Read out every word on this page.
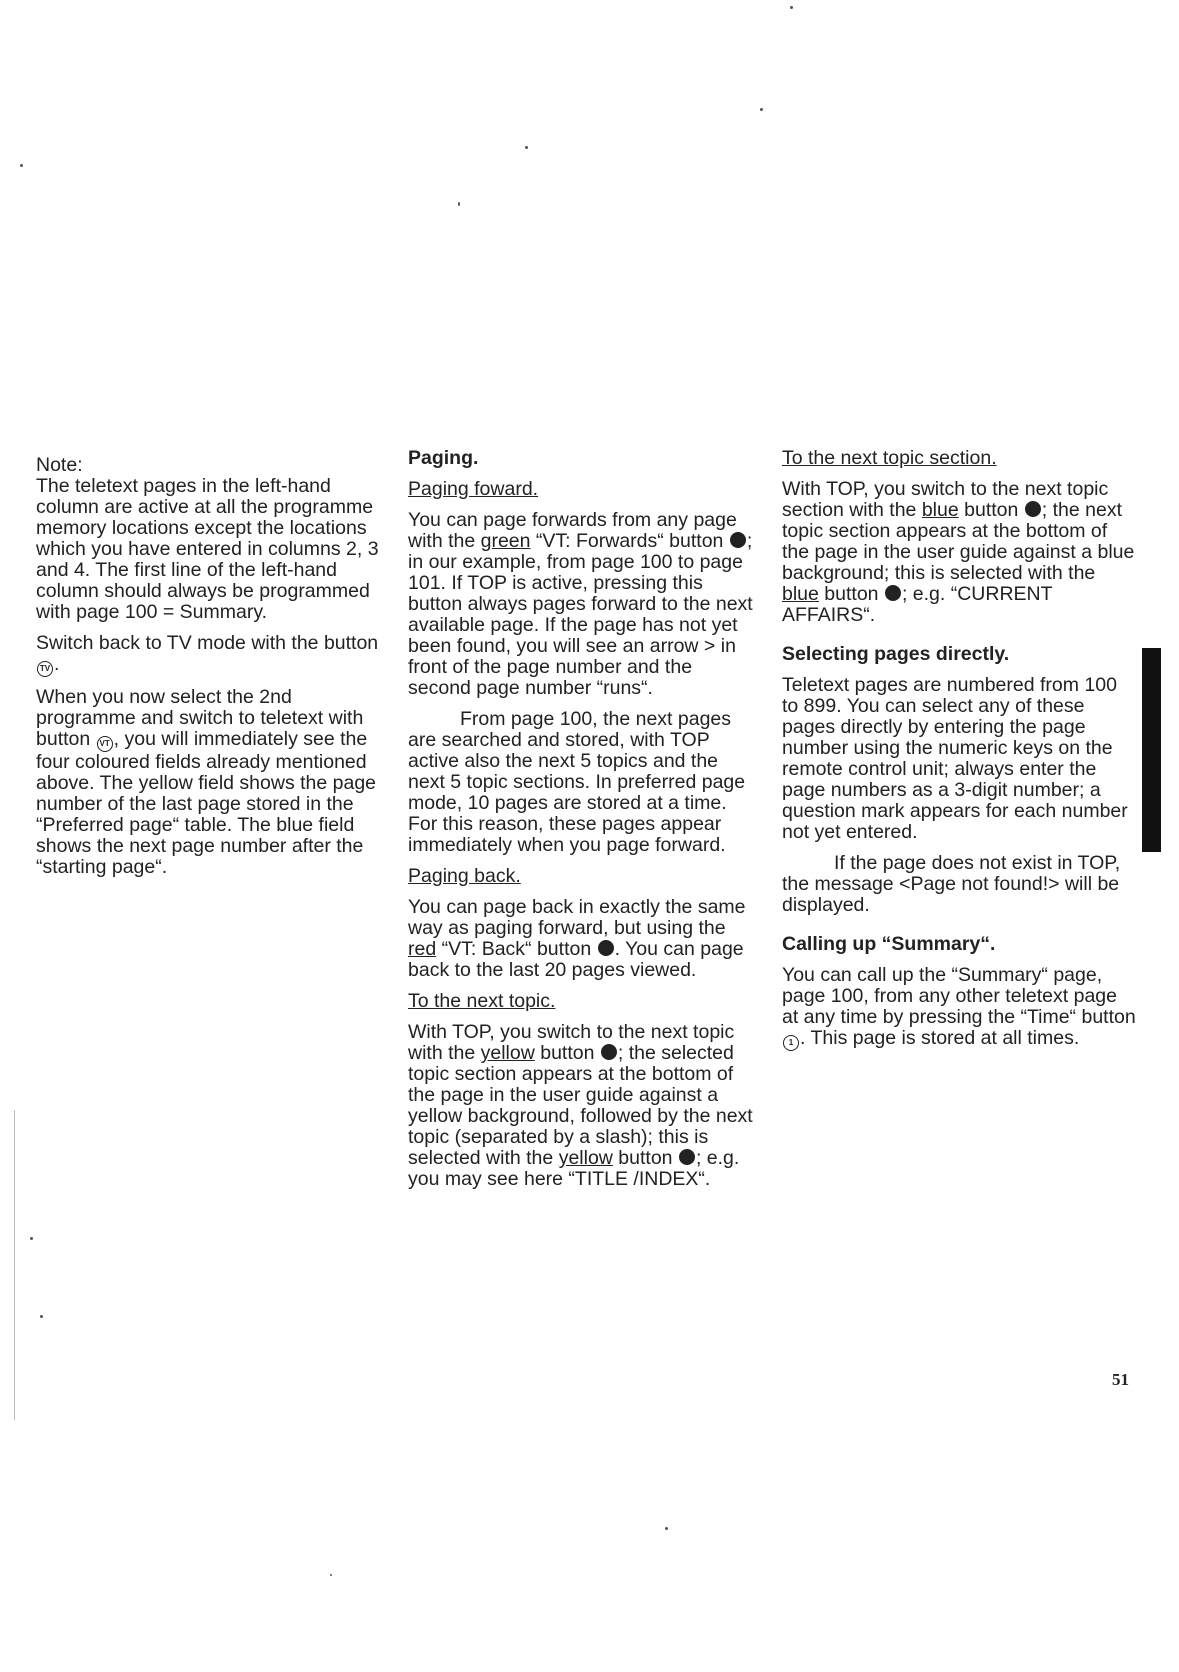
Note:
The teletext pages in the left-hand column are active at all the programme memory locations except the locations which you have entered in columns 2, 3 and 4. The first line of the left-hand column should always be programmed with page 100 = Summary.

Switch back to TV mode with the button TV .

When you now select the 2nd programme and switch to teletext with button VT , you will immediately see the four coloured fields already mentioned above. The yellow field shows the page number of the last page stored in the “Preferred page“ table. The blue field shows the next page number after the “starting page“.

Paging.
Paging foward.

You can page forwards from any page with the green “VT: Forwards“ button ; in our example, from page 100 to page 101. If TOP is active, pressing this button always pages forward to the next available page. If the page has not yet been found, you will see an arrow > in front of the page number and the second page number “runs“.

From page 100, the next pages are searched and stored, with TOP active also the next 5 topics and the next 5 topic sections. In preferred page mode, 10 pages are stored at a time. For this reason, these pages appear immediately when you page forward.

Paging back.

You can page back in exactly the same way as paging forward, but using the red “VT: Back“ button . You can page back to the last 20 pages viewed.

To the next topic.

With TOP, you switch to the next topic with the yellow button ; the selected topic section appears at the bottom of the page in the user guide against a yellow background, followed by the next topic (separated by a slash); this is selected with the yellow button ; e.g. you may see here “TITLE /INDEX“.

To the next topic section.

With TOP, you switch to the next topic section with the blue button ; the next topic section appears at the bottom of the page in the user guide against a blue background; this is selected with the blue button ; e.g. “CURRENT AFFAIRS“.

Selecting pages directly.

Teletext pages are numbered from 100 to 899. You can select any of these pages directly by entering the page number using the numeric keys on the remote control unit; always enter the page numbers as a 3-digit number; a question mark appears for each number not yet entered.

If the page does not exist in TOP, the message <Page not found!> will be displayed.

Calling up “Summary“.

You can call up the “Summary“ page, page 100, from any other teletext page at any time by pressing the “Time“ button 1 . This page is stored at all times.

51
